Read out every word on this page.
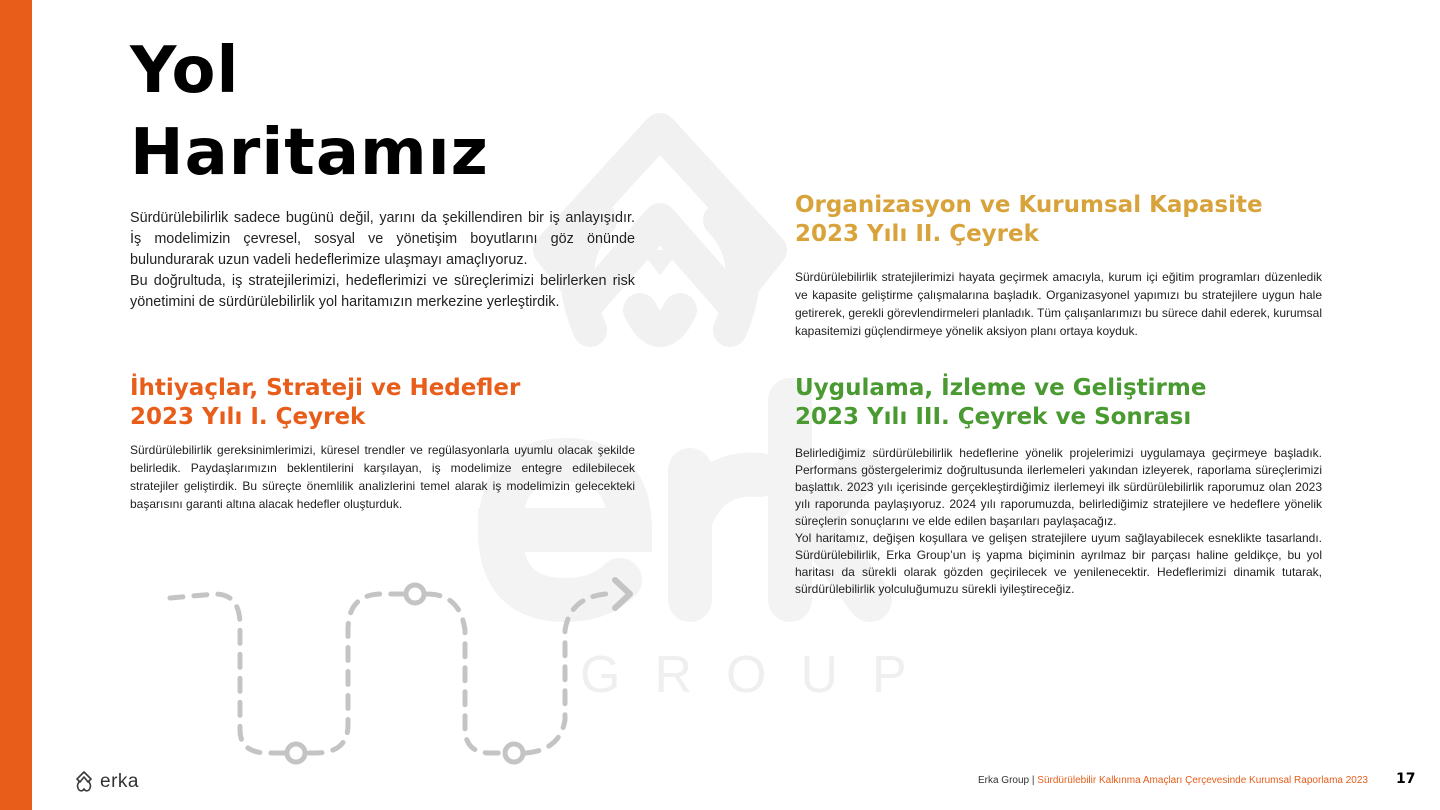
GROUP
Yol
Haritamız

Sürdürülebilirlik sadece bugünü değil, yarını da şekillendiren bir iş anlayışıdır. İş modelimizin çevresel, sosyal ve yönetişim boyutlarını göz önünde bulundurarak uzun vadeli hedeflerimize ulaşmayı amaçlıyoruz.

Bu doğrultuda, iş stratejilerimizi, hedeflerimizi ve süreçlerimizi belirlerken risk yönetimini de sürdürülebilirlik yol haritamızın merkezine yerleştirdik.

İhtiyaçlar, Strateji ve Hedefler
2023 Yılı I. Çeyrek

Sürdürülebilirlik gereksinimlerimizi, küresel trendler ve regülasyonlarla uyumlu olacak şekilde belirledik. Paydaşlarımızın beklentilerini karşılayan, iş modelimize entegre edilebilecek stratejiler geliştirdik. Bu süreçte önemlilik analizlerini temel alarak iş modelimizin gelecekteki başarısını garanti altına alacak hedefler oluşturduk.

Organizasyon ve Kurumsal Kapasite
2023 Yılı II. Çeyrek

Sürdürülebilirlik stratejilerimizi hayata geçirmek amacıyla, kurum içi eğitim programları düzenledik ve kapasite geliştirme çalışmalarına başladık. Organizasyonel yapımızı bu stratejilere uygun hale getirerek, gerekli görevlendirmeleri planladık. Tüm çalışanlarımızı bu sürece dahil ederek, kurumsal kapasitemizi güçlendirmeye yönelik aksiyon planı ortaya koyduk.

Uygulama, İzleme ve Geliştirme
2023 Yılı III. Çeyrek ve Sonrası

Belirlediğimiz sürdürülebilirlik hedeflerine yönelik projelerimizi uygulamaya geçirmeye başladık. Performans göstergelerimiz doğrultusunda ilerlemeleri yakından izleyerek, raporlama süreçlerimizi başlattık. 2023 yılı içerisinde gerçekleştirdiğimiz ilerlemeyi ilk sürdürülebilirlik raporumuz olan 2023 yılı raporunda paylaşıyoruz. 2024 yılı raporumuzda, belirlediğimiz stratejilere ve hedeflere yönelik süreçlerin sonuçlarını ve elde edilen başarıları paylaşacağız.

Yol haritamız, değişen koşullara ve gelişen stratejilere uyum sağlayabilecek esneklikte tasarlandı. Sürdürülebilirlik, Erka Group’un iş yapma biçiminin ayrılmaz bir parçası haline geldikçe, bu yol haritası da sürekli olarak gözden geçirilecek ve yenilenecektir. Hedeflerimizi dinamik tutarak, sürdürülebilirlik yolculuğumuzu sürekli iyileştireceğiz.

erka	Erka Group | Sürdürülebilir Kalkınma Amaçları Çerçevesinde Kurumsal Raporlama 2023 17
